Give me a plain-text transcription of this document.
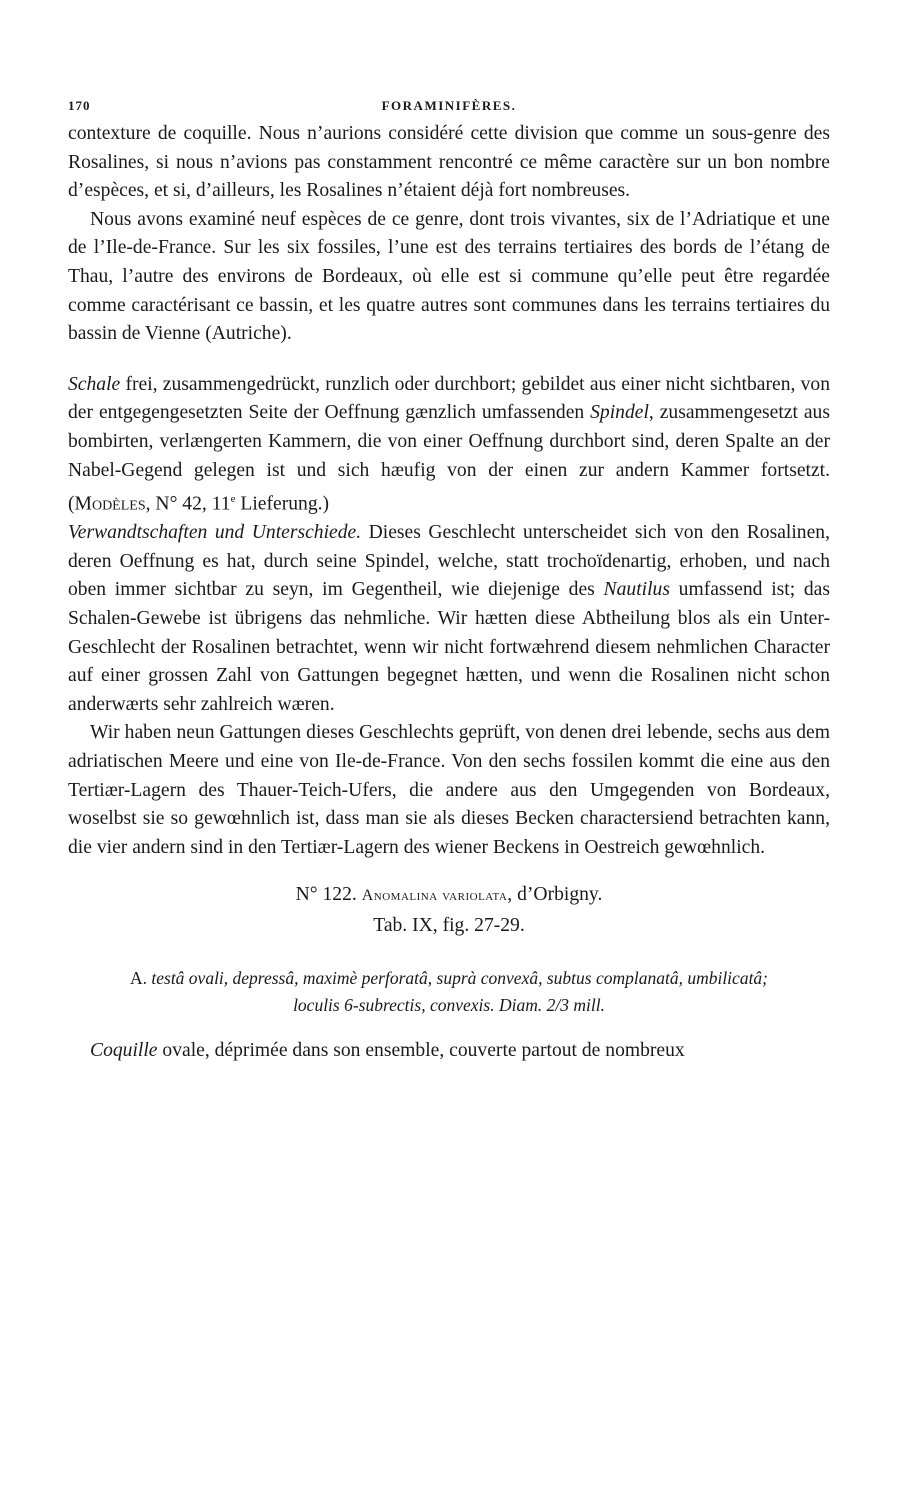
170	FORAMINIFÈRES.

contexture de coquille. Nous n’aurions considéré cette division que comme un sous-genre des Rosalines, si nous n’avions pas constamment rencontré ce même caractère sur un bon nombre d’espèces, et si, d’ailleurs, les Rosalines n’étaient déjà fort nombreuses.

Nous avons examiné neuf espèces de ce genre, dont trois vivantes, six de l’Adriatique et une de l’Ile-de-France. Sur les six fossiles, l’une est des terrains tertiaires des bords de l’étang de Thau, l’autre des environs de Bordeaux, où elle est si commune qu’elle peut être regardée comme caractérisant ce bassin, et les quatre autres sont communes dans les terrains tertiaires du bassin de Vienne (Autriche).

Schale frei, zusammengedrückt, runzlich oder durchbort; gebildet aus einer nicht sichtbaren, von der entgegengesetzten Seite der Oeffnung gænzlich umfassenden Spindel, zusammengesetzt aus bombirten, verlængerten Kammern, die von einer Oeffnung durchbort sind, deren Spalte an der Nabel-Gegend gelegen ist und sich hæufig von der einen zur andern Kammer fortsetzt. (Modèles, N° 42, 11e Lieferung.)

Verwandtschaften und Unterschiede. Dieses Geschlecht unterscheidet sich von den Rosalinen, deren Oeffnung es hat, durch seine Spindel, welche, statt trochoïdenartig, erhoben, und nach oben immer sichtbar zu seyn, im Gegentheil, wie diejenige des Nautilus umfassend ist; das Schalen-Gewebe ist übrigens das nehmliche. Wir hætten diese Abtheilung blos als ein Unter-Geschlecht der Rosalinen betrachtet, wenn wir nicht fortwæhrend diesem nehmlichen Character auf einer grossen Zahl von Gattungen begegnet hætten, und wenn die Rosalinen nicht schon anderwærts sehr zahlreich wæren.

Wir haben neun Gattungen dieses Geschlechts geprüft, von denen drei lebende, sechs aus dem adriatischen Meere und eine von Ile-de-France. Von den sechs fossilen kommt die eine aus den Tertiær-Lagern des Thauer-Teich-Ufers, die andere aus den Umgegenden von Bordeaux, woselbst sie so gewœhnlich ist, dass man sie als dieses Becken charactersiend betrachten kann, die vier andern sind in den Tertiær-Lagern des wiener Beckens in Oestreich gewœhnlich.

N° 122. Anomalina variolata, d’Orbigny.
Tab. IX, fig. 27-29.
A. testâ ovali, depressâ, maximè perforatâ, suprà convexâ, subtus complanatâ, umbilicatâ;
loculis 6-subrectis, convexis. Diam. 2/3 mill.

Coquille ovale, déprimée dans son ensemble, couverte partout de nombreux
